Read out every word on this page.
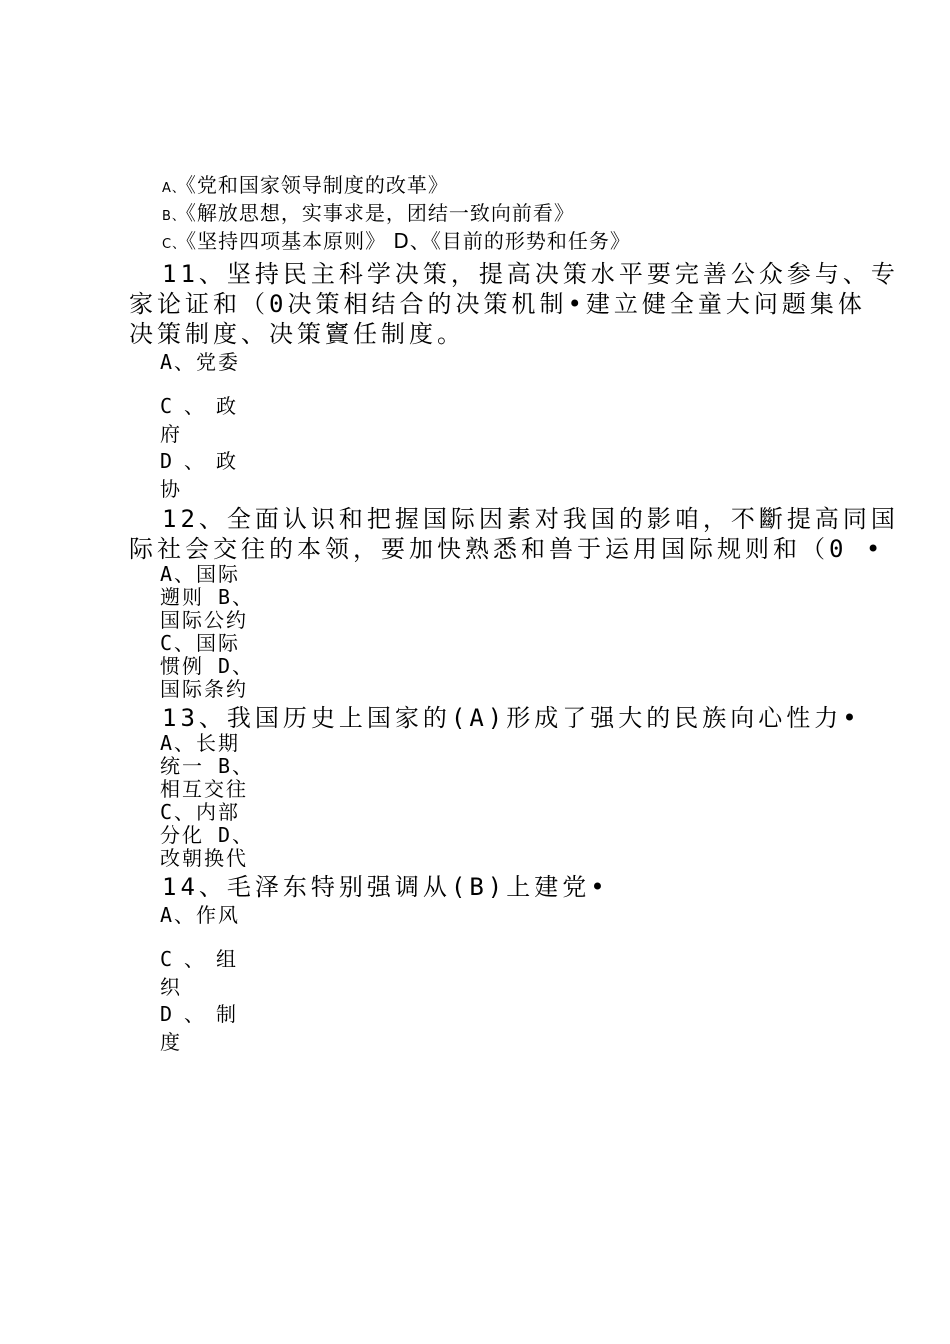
A、《党和国家领导制度的改革》
B、《解放思想，实事求是，团结一致向前看》
C、《坚持四项基本原则》 D、《目前的形势和任务》
11、坚持民主科学决策，提高决策水平要完善公众参与、专
家论证和（0决策相结合的决策机制•建立健全童大问题集体
决策制度、决策竇任制度。
A、党委
C、政
府
D、政
协
12、全面认识和把握国际因素对我国的影咱，不斷提高同国
际社会交往的本领，要加快熟悉和兽于运用国际规则和（0 •
A、国际
遡则 B、
国际公约
C、国际
惯例 D、
国际条约
13、我国历史上国家的(A)形成了强大的民族向心性力•
A、长期
统一 B、
相互交往
C、内部
分化 D、
改朝换代
14、毛泽东特别强调从(B)上建党•
A、作风
C、组
织
D、制
度
